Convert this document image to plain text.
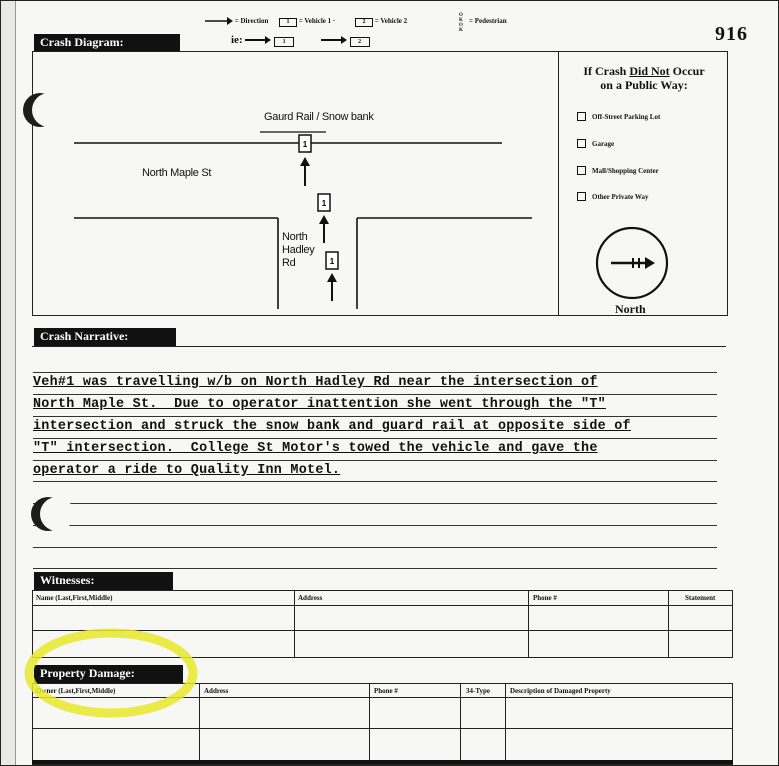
= Direction	1 = Vehicle 1 ·	2 = Vehicle 2
O
K
O
K
= Pedestrian
ie:	1	2	916
Crash Diagram:
1
1
1
Gaurd Rail / Snow bank
North Maple St
North
Hadley
Rd
If Crash Did Not Occur
on a Public Way:
Off-Street Parking Lot
Garage
Mall/Shopping Center
Other Private Way
North
Crash Narrative:

Veh#1 was travelling w/b on North Hadley Rd near the intersection of
North Maple St.  Due to operator inattention she went through the "T"
intersection and struck the snow bank and guard rail at opposite side of
"T" intersection.  College St Motor's towed the vehicle and gave the
operator a ride to Quality Inn Motel.

Witnesses:
Name (Last,First,Middle)	Address	Phone #	Statement
Property Damage:
Owner (Last,First,Middle)	Address	Phone #	34-Type	Description of Damaged Property
